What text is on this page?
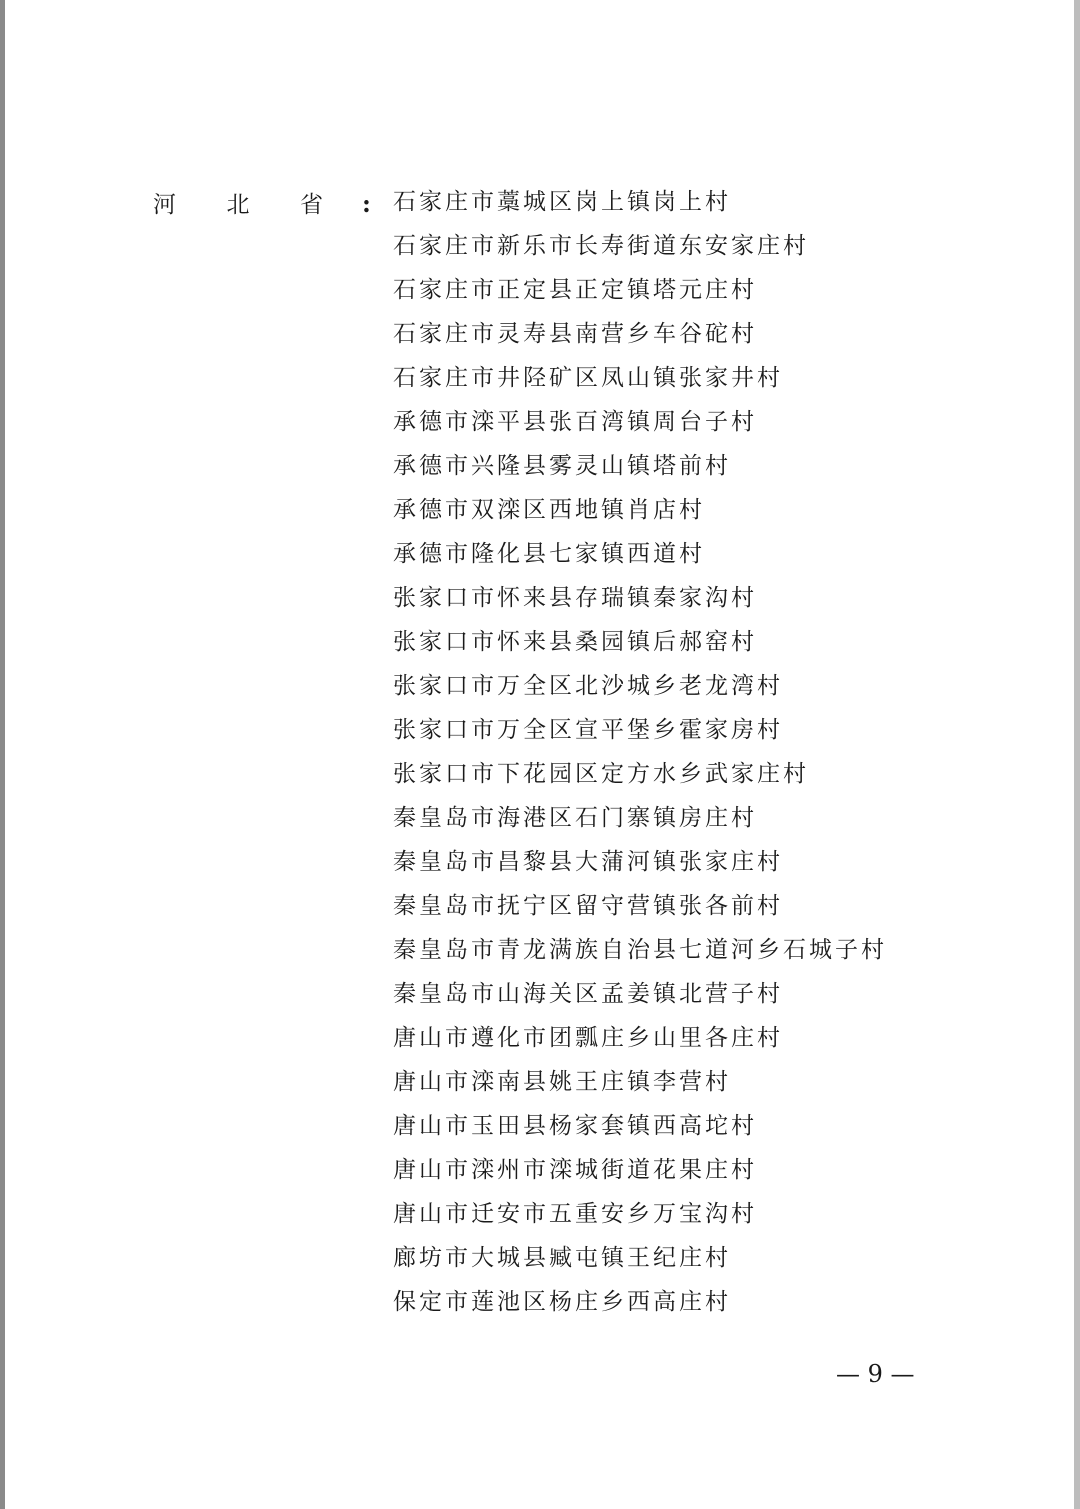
河 北 省 : 石家庄市藁城区岗上镇岗上村
石家庄市新乐市长寿街道东安家庄村
石家庄市正定县正定镇塔元庄村
石家庄市灵寿县南营乡车谷砣村
石家庄市井陉矿区凤山镇张家井村
承德市滦平县张百湾镇周台子村
承德市兴隆县雾灵山镇塔前村
承德市双滦区西地镇肖店村
承德市隆化县七家镇西道村
张家口市怀来县存瑞镇秦家沟村
张家口市怀来县桑园镇后郝窑村
张家口市万全区北沙城乡老龙湾村
张家口市万全区宣平堡乡霍家房村
张家口市下花园区定方水乡武家庄村
秦皇岛市海港区石门寨镇房庄村
秦皇岛市昌黎县大蒲河镇张家庄村
秦皇岛市抚宁区留守营镇张各前村
秦皇岛市青龙满族自治县七道河乡石城子村
秦皇岛市山海关区孟姜镇北营子村
唐山市遵化市团瓢庄乡山里各庄村
唐山市滦南县姚王庄镇李营村
唐山市玉田县杨家套镇西高坨村
唐山市滦州市滦城街道花果庄村
唐山市迁安市五重安乡万宝沟村
廊坊市大城县臧屯镇王纪庄村
保定市莲池区杨庄乡西高庄村
— 9 —
